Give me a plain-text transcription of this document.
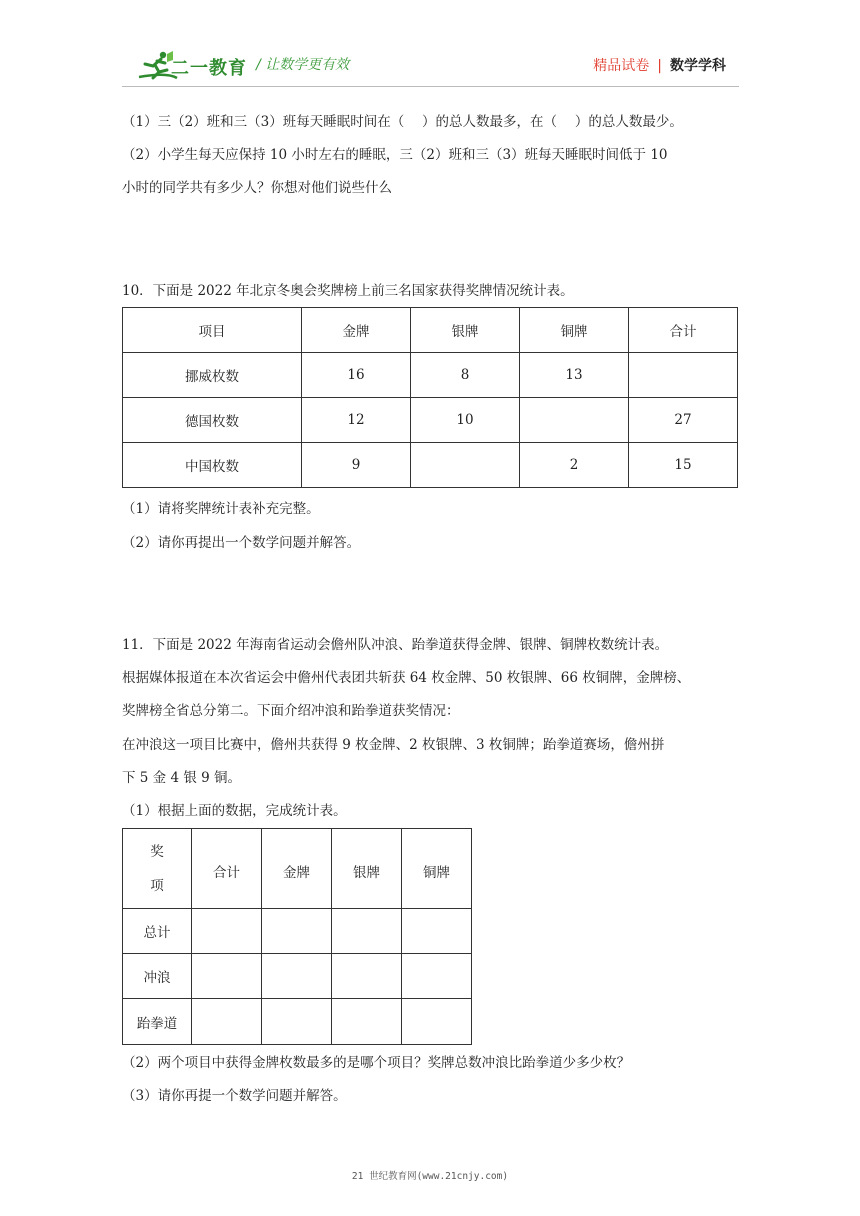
二一教育 / 让数学更有效	精品试卷 | 数学学科
（1）三（2）班和三（3）班每天睡眠时间在（　 ）的总人数最多，在（　 ）的总人数最少。
（2）小学生每天应保持 10 小时左右的睡眠，三（2）班和三（3）班每天睡眠时间低于 10
小时的同学共有多少人？你想对他们说些什么
10．下面是 2022 年北京冬奥会奖牌榜上前三名国家获得奖牌情况统计表。
项目	金牌	银牌	铜牌	合计
挪威枚数	16	8	13	
德国枚数	12	10		27
中国枚数	9		2	15
（1）请将奖牌统计表补充完整。
（2）请你再提出一个数学问题并解答。
11．下面是 2022 年海南省运动会儋州队冲浪、跆拳道获得金牌、银牌、铜牌枚数统计表。
根据媒体报道在本次省运会中儋州代表团共斩获 64 枚金牌、50 枚银牌、66 枚铜牌，金牌榜、
奖牌榜全省总分第二。下面介绍冲浪和跆拳道获奖情况：
在冲浪这一项目比赛中，儋州共获得 9 枚金牌、2 枚银牌、3 枚铜牌；跆拳道赛场，儋州拼
下 5 金 4 银 9 铜。
（1）根据上面的数据，完成统计表。
奖
项	合计	金牌	银牌	铜牌
总计				
冲浪				
跆拳道				
（2）两个项目中获得金牌枚数最多的是哪个项目？奖牌总数冲浪比跆拳道少多少枚？
（3）请你再提一个数学问题并解答。
21 世纪教育网(www.21cnjy.com)
